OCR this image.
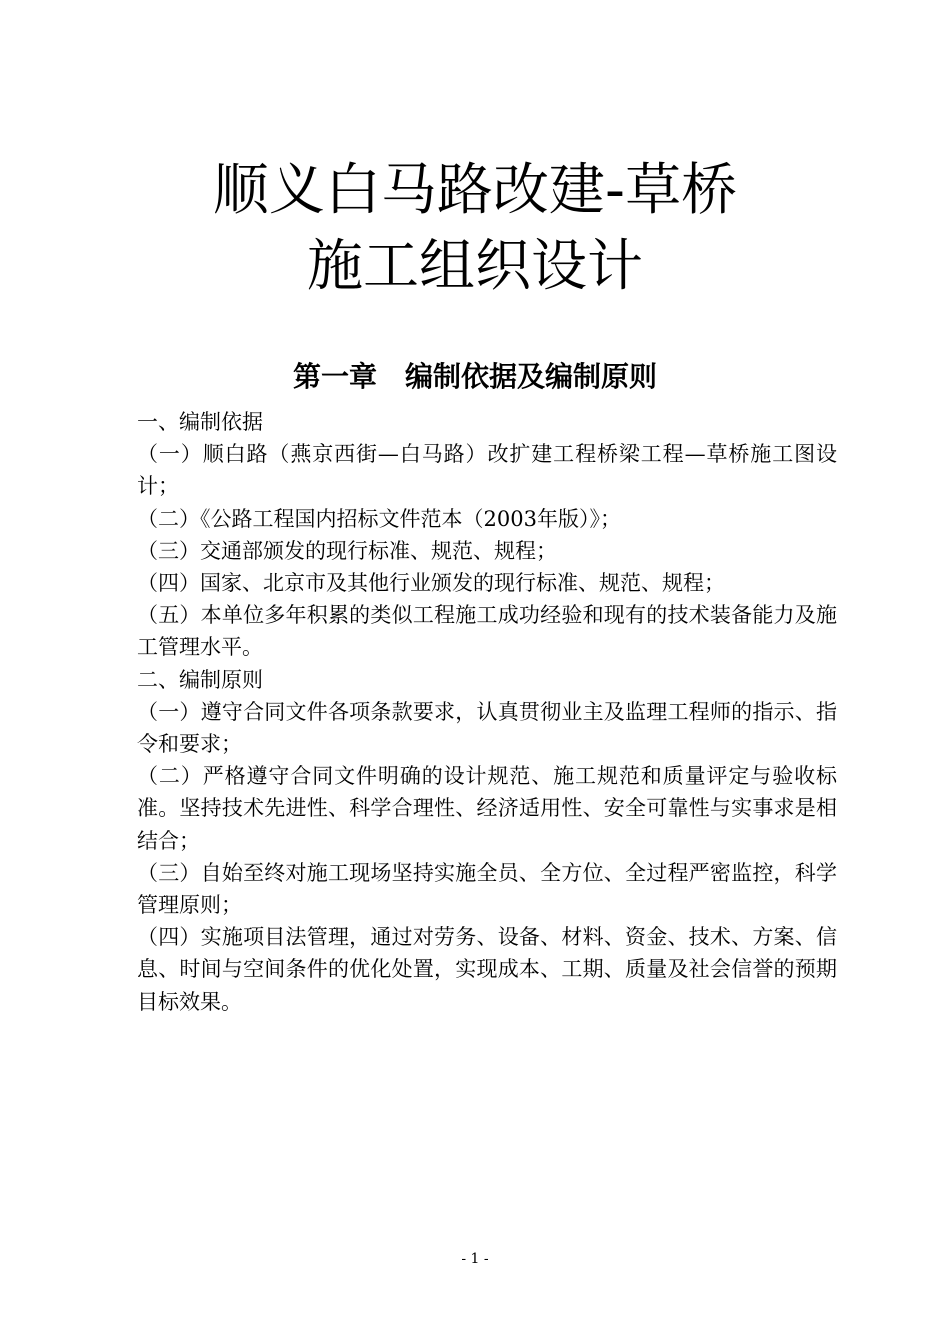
顺义白马路改建-草桥
施工组织设计
第一章　编制依据及编制原则

一、编制依据

（一）顺白路（燕京西街—白马路）改扩建工程桥梁工程—草桥施工图设计；

（二）《公路工程国内招标文件范本（2003年版）》；

（三）交通部颁发的现行标准、规范、规程；

（四）国家、北京市及其他行业颁发的现行标准、规范、规程；

（五）本单位多年积累的类似工程施工成功经验和现有的技术装备能力及施工管理水平。

二、编制原则

（一）遵守合同文件各项条款要求，认真贯彻业主及监理工程师的指示、指令和要求；

（二）严格遵守合同文件明确的设计规范、施工规范和质量评定与验收标准。坚持技术先进性、科学合理性、经济适用性、安全可靠性与实事求是相结合；

（三）自始至终对施工现场坚持实施全员、全方位、全过程严密监控，科学管理原则；

（四）实施项目法管理，通过对劳务、设备、材料、资金、技术、方案、信息、时间与空间条件的优化处置，实现成本、工期、质量及社会信誉的预期目标效果。

- 1 -
